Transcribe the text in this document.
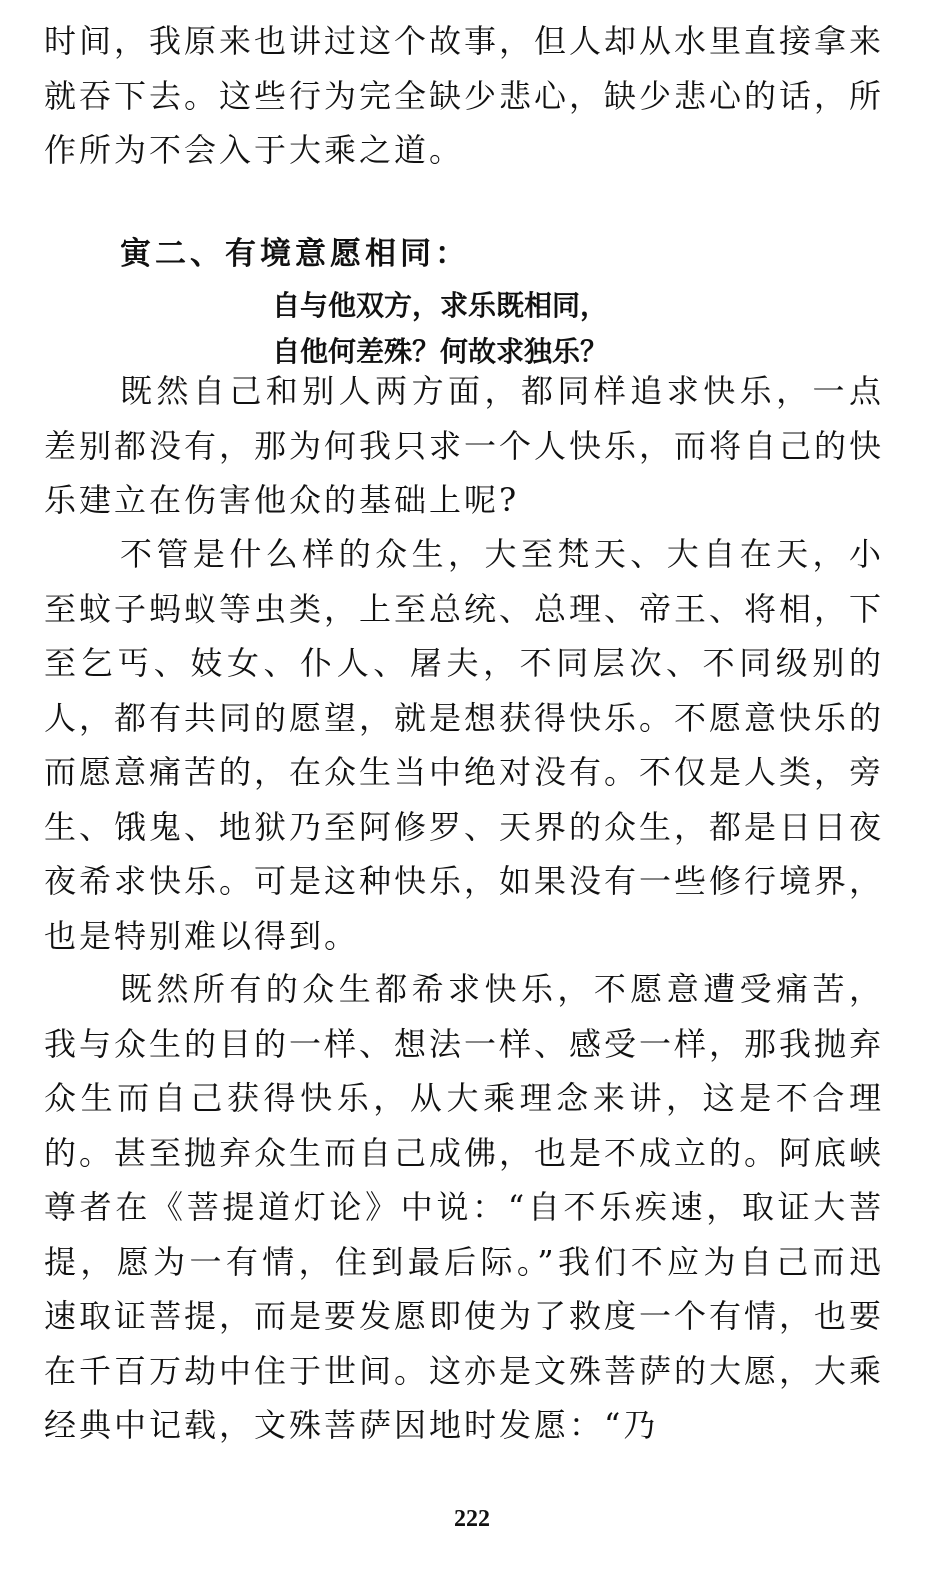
时间，我原来也讲过这个故事，但人却从水里直接拿来就吞下去。这些行为完全缺少悲心，缺少悲心的话，所作所为不会入于大乘之道。

寅二、有境意愿相同：

自与他双方，求乐既相同，

自他何差殊？何故求独乐？

既然自己和别人两方面，都同样追求快乐，一点差别都没有，那为何我只求一个人快乐，而将自己的快乐建立在伤害他众的基础上呢?

不管是什么样的众生，大至梵天、大自在天，小至蚊子蚂蚁等虫类，上至总统、总理、帝王、将相，下至乞丐、妓女、仆人、屠夫，不同层次、不同级别的人，都有共同的愿望，就是想获得快乐。不愿意快乐的而愿意痛苦的，在众生当中绝对没有。不仅是人类，旁生、饿鬼、地狱乃至阿修罗、天界的众生，都是日日夜夜希求快乐。可是这种快乐，如果没有一些修行境界，也是特别难以得到。

既然所有的众生都希求快乐，不愿意遭受痛苦，我与众生的目的一样、想法一样、感受一样，那我抛弃众生而自己获得快乐，从大乘理念来讲，这是不合理的。甚至抛弃众生而自己成佛，也是不成立的。阿底峡尊者在《菩提道灯论》中说：“自不乐疾速，取证大菩提，愿为一有情，住到最后际。”我们不应为自己而迅速取证菩提，而是要发愿即使为了救度一个有情，也要在千百万劫中住于世间。这亦是文殊菩萨的大愿，大乘经典中记载，文殊菩萨因地时发愿：“乃

222
